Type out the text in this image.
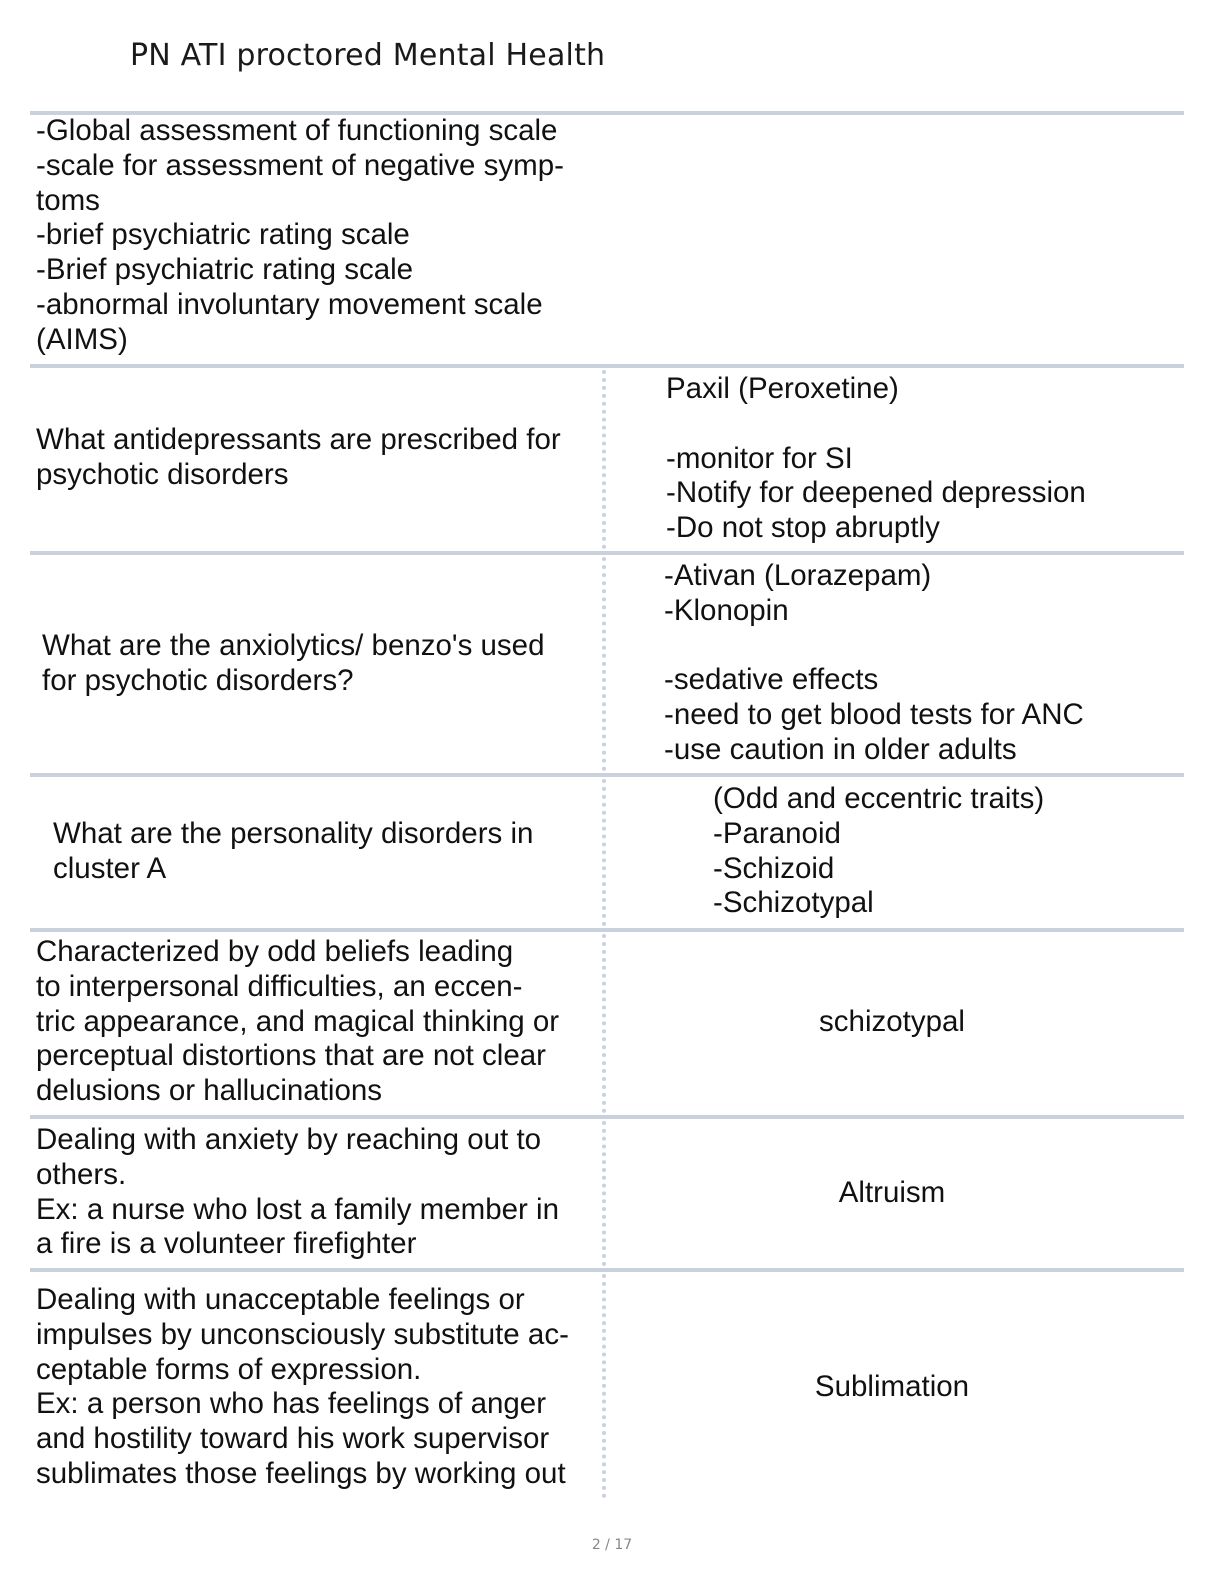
PN ATI proctored Mental Health
-Global assessment of functioning scale
-scale for assessment of negative symp-
toms
-brief psychiatric rating scale
-Brief psychiatric rating scale
-abnormal involuntary movement scale
(AIMS)
What antidepressants are prescribed for
psychotic disorders
Paxil (Peroxetine)

-monitor for SI
-Notify for deepened depression
-Do not stop abruptly
What are the anxiolytics/ benzo's used
for psychotic disorders?
-Ativan (Lorazepam)
-Klonopin

-sedative effects
-need to get blood tests for ANC
-use caution in older adults
What are the personality disorders in
cluster A
(Odd and eccentric traits)
-Paranoid
-Schizoid
-Schizotypal
Characterized by odd beliefs leading
to interpersonal difficulties, an eccen-
tric appearance, and magical thinking or
perceptual distortions that are not clear
delusions or hallucinations
schizotypal
Dealing with anxiety by reaching out to
others.
Ex: a nurse who lost a family member in
a fire is a volunteer firefighter
Altruism
Dealing with unacceptable feelings or
impulses by unconsciously substitute ac-
ceptable forms of expression.
Ex: a person who has feelings of anger
and hostility toward his work supervisor
sublimates those feelings by working out
Sublimation
2 / 17
